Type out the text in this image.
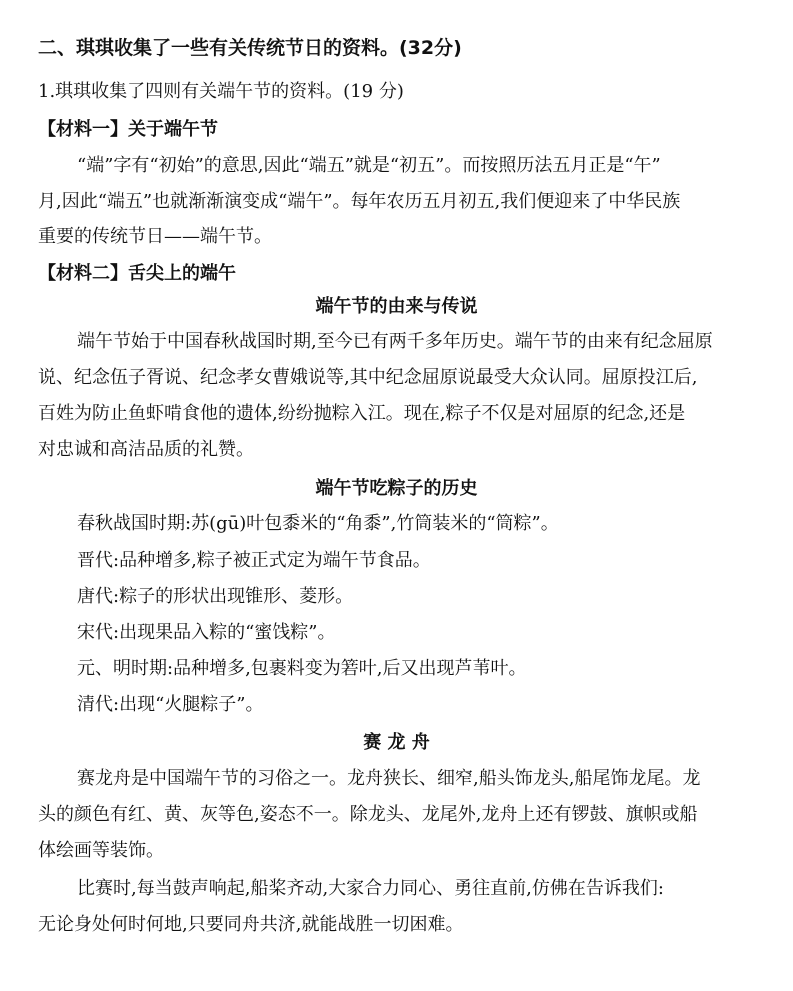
二、琪琪收集了一些有关传统节日的资料。(32分)
1.琪琪收集了四则有关端午节的资料。(19 分)
【材料一】关于端午节
“端”字有“初始”的意思,因此“端五”就是“初五”。而按照历法五月正是“午”
月,因此“端五”也就渐渐演变成“端午”。每年农历五月初五,我们便迎来了中华民族
重要的传统节日——端午节。
【材料二】舌尖上的端午
端午节的由来与传说
端午节始于中国春秋战国时期,至今已有两千多年历史。端午节的由来有纪念屈原
说、纪念伍子胥说、纪念孝女曹娥说等,其中纪念屈原说最受大众认同。屈原投江后,
百姓为防止鱼虾啃食他的遗体,纷纷抛粽入江。现在,粽子不仅是对屈原的纪念,还是
对忠诚和高洁品质的礼赞。
端午节吃粽子的历史
春秋战国时期:苏(gū)叶包黍米的“角黍”,竹筒装米的“筒粽”。
晋代:品种增多,粽子被正式定为端午节食品。
唐代:粽子的形状出现锥形、菱形。
宋代:出现果品入粽的“蜜饯粽”。
元、明时期:品种增多,包裹料变为箬叶,后又出现芦苇叶。
清代:出现“火腿粽子”。
赛 龙 舟
赛龙舟是中国端午节的习俗之一。龙舟狭长、细窄,船头饰龙头,船尾饰龙尾。龙
头的颜色有红、黄、灰等色,姿态不一。除龙头、龙尾外,龙舟上还有锣鼓、旗帜或船
体绘画等装饰。
比赛时,每当鼓声响起,船桨齐动,大家合力同心、勇往直前,仿佛在告诉我们:
无论身处何时何地,只要同舟共济,就能战胜一切困难。
